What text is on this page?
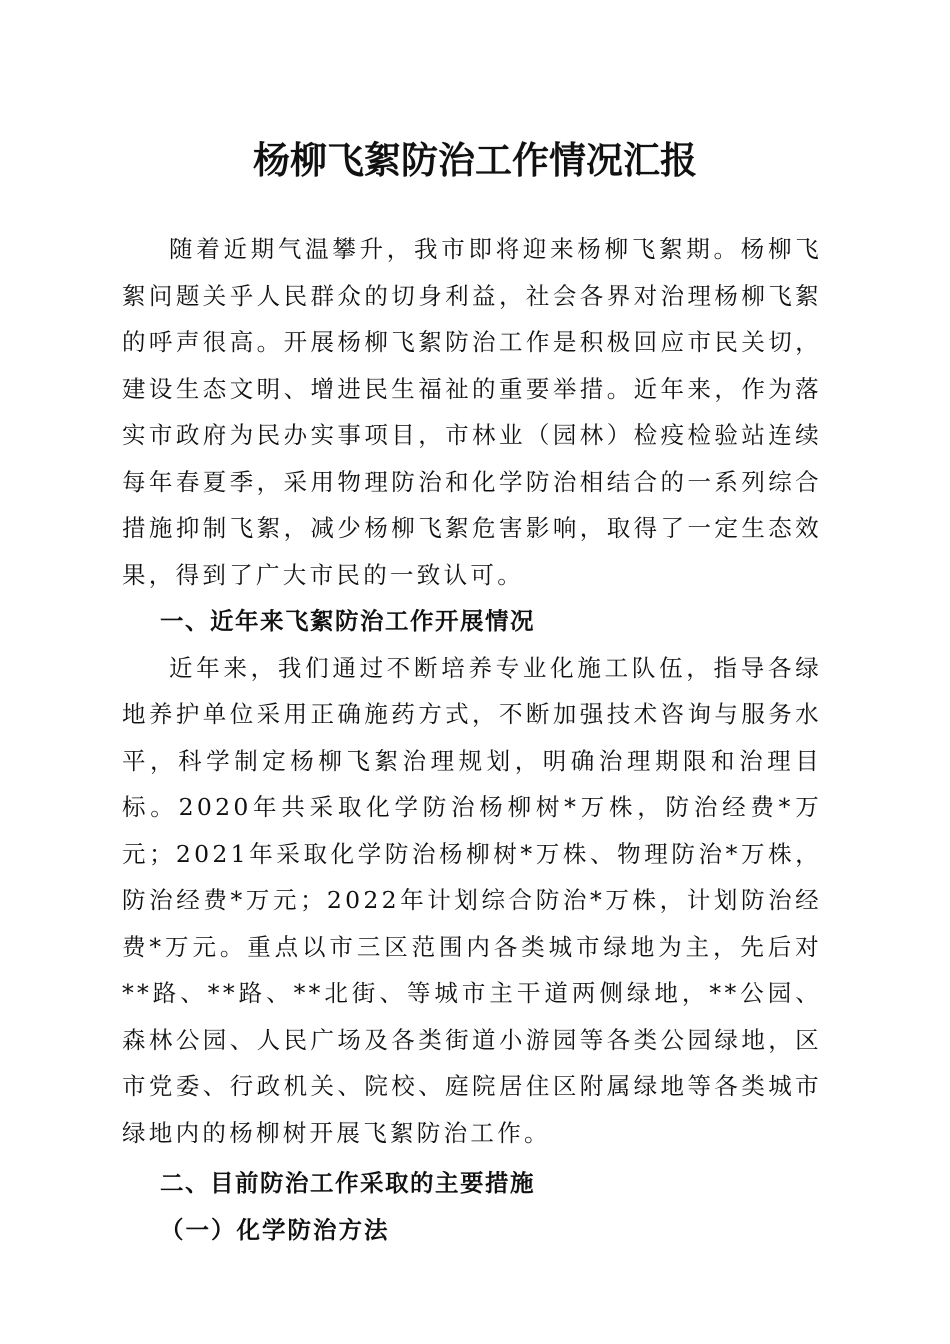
杨柳飞絮防治工作情况汇报

随着近期气温攀升，我市即将迎来杨柳飞絮期。杨柳飞絮问题关乎人民群众的切身利益，社会各界对治理杨柳飞絮的呼声很高。开展杨柳飞絮防治工作是积极回应市民关切，建设生态文明、增进民生福祉的重要举措。近年来，作为落实市政府为民办实事项目，市林业（园林）检疫检验站连续每年春夏季，采用物理防治和化学防治相结合的一系列综合措施抑制飞絮，减少杨柳飞絮危害影响，取得了一定生态效果，得到了广大市民的一致认可。

一、近年来飞絮防治工作开展情况

近年来，我们通过不断培养专业化施工队伍，指导各绿地养护单位采用正确施药方式，不断加强技术咨询与服务水平，科学制定杨柳飞絮治理规划，明确治理期限和治理目标。2020年共采取化学防治杨柳树*万株，防治经费*万元；2021年采取化学防治杨柳树*万株、物理防治*万株，防治经费*万元；2022年计划综合防治*万株，计划防治经费*万元。重点以市三区范围内各类城市绿地为主，先后对**路、**路、**北街、等城市主干道两侧绿地，**公园、森林公园、人民广场及各类街道小游园等各类公园绿地，区市党委、行政机关、院校、庭院居住区附属绿地等各类城市绿地内的杨柳树开展飞絮防治工作。

二、目前防治工作采取的主要措施

（一）化学防治方法
